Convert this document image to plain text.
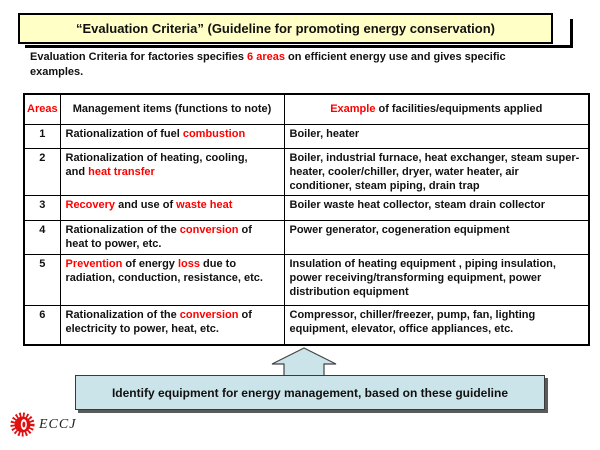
“Evaluation Criteria” (Guideline for promoting energy conservation)

Evaluation Criteria for factories specifies 6 areas on efficient energy use and gives specific
examples.

Areas	Management items (functions to note)	Example of facilities/equipments applied
1	Rationalization of fuel combustion	Boiler, heater
2	Rationalization of heating, cooling,
and heat transfer	Boiler, industrial furnace, heat exchanger, steam super-heater, cooler/chiller, dryer, water heater, air conditioner, steam piping, drain trap
3	Recovery and use of waste heat	Boiler waste heat collector, steam drain collector
4	Rationalization of the conversion of
heat to power, etc.	Power generator, cogeneration equipment
5	Prevention of energy loss due to
radiation, conduction, resistance, etc.	Insulation of heating equipment , piping insulation, power receiving/transforming equipment, power distribution equipment
6	Rationalization of the conversion of
electricity to power, heat, etc.	Compressor, chiller/freezer, pump, fan, lighting equipment, elevator, office appliances, etc.
Identify equipment for energy management, based on these guideline
ECCJ
